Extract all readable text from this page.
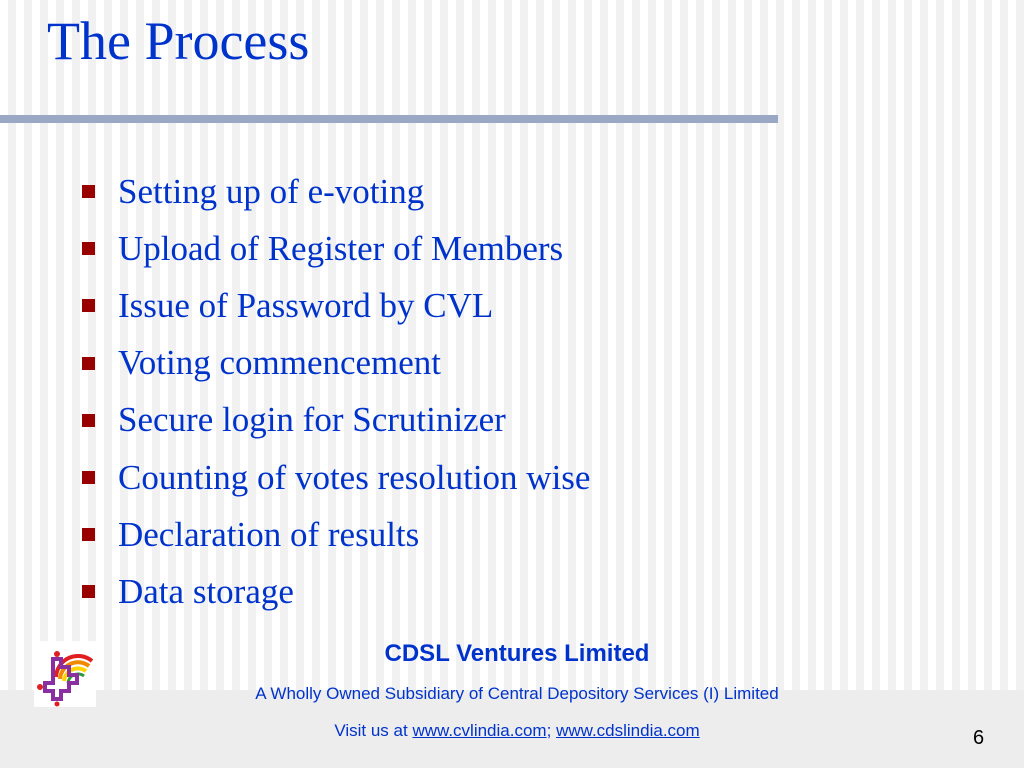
The Process
Setting up of e-voting
Upload of Register of Members
Issue of Password by CVL
Voting commencement
Secure login for Scrutinizer
Counting of votes resolution wise
Declaration of results
Data storage
CDSL Ventures Limited
A Wholly Owned Subsidiary of Central Depository Services (I) Limited
Visit us at www.cvlindia.com; www.cdslindia.com	6
